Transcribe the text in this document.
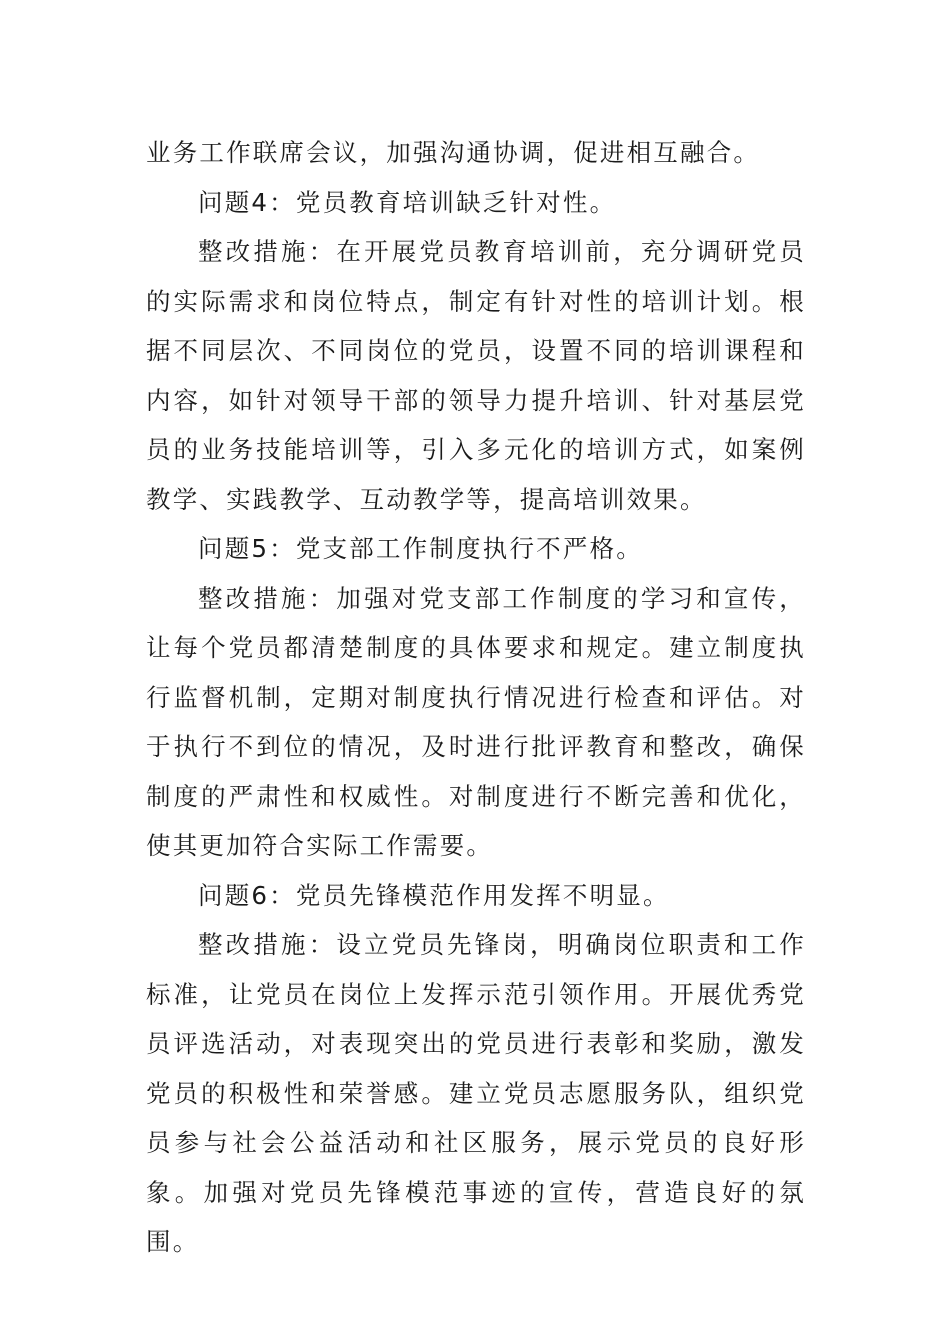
业务工作联席会议，加强沟通协调，促进相互融合。

问题4：党员教育培训缺乏针对性。

整改措施：在开展党员教育培训前，充分调研党员的实际需求和岗位特点，制定有针对性的培训计划。根据不同层次、不同岗位的党员，设置不同的培训课程和内容，如针对领导干部的领导力提升培训、针对基层党员的业务技能培训等，引入多元化的培训方式，如案例教学、实践教学、互动教学等，提高培训效果。

问题5：党支部工作制度执行不严格。

整改措施：加强对党支部工作制度的学习和宣传，让每个党员都清楚制度的具体要求和规定。建立制度执行监督机制，定期对制度执行情况进行检查和评估。对于执行不到位的情况，及时进行批评教育和整改，确保制度的严肃性和权威性。对制度进行不断完善和优化，使其更加符合实际工作需要。

问题6：党员先锋模范作用发挥不明显。

整改措施：设立党员先锋岗，明确岗位职责和工作标准，让党员在岗位上发挥示范引领作用。开展优秀党员评选活动，对表现突出的党员进行表彰和奖励，激发党员的积极性和荣誉感。建立党员志愿服务队，组织党员参与社会公益活动和社区服务，展示党员的良好形象。加强对党员先锋模范事迹的宣传，营造良好的氛围。
